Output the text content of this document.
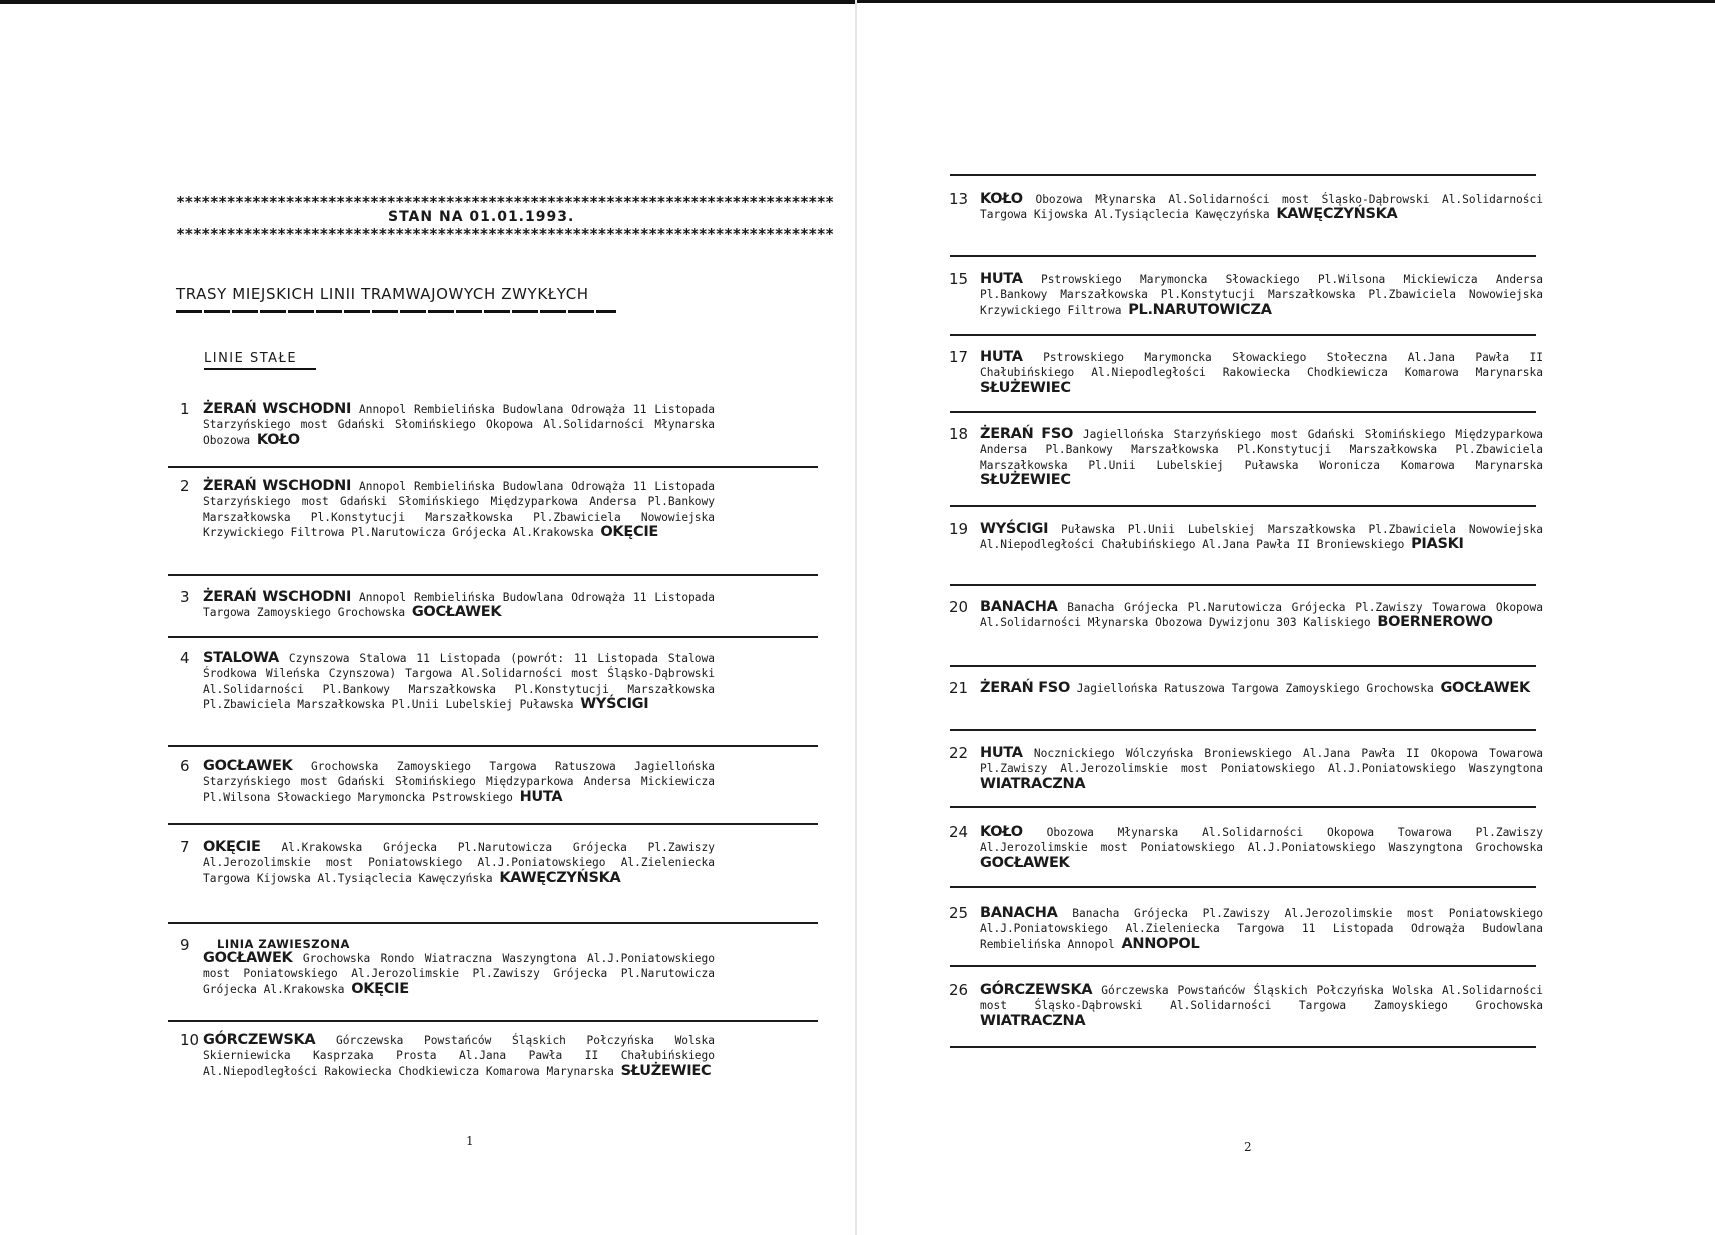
******************************************************************************
STAN NA 01.01.1993.
******************************************************************************
TRASY MIEJSKICH LINII TRAMWAJOWYCH ZWYKŁYCH
LINIE STAŁE
1 ŻERAŃ WSCHODNI Annopol Rembielińska Budowlana Odrowąża 11 Listopada Starzyńskiego most Gdański Słomińskiego Okopowa Al.Solidarności Młynarska Obozowa KOŁO
2 ŻERAŃ WSCHODNI Annopol Rembielińska Budowlana Odrowąża 11 Listopada Starzyńskiego most Gdański Słomińskiego Międzyparkowa Andersa Pl.Bankowy Marszałkowska Pl.Konstytucji Marszałkowska Pl.Zbawiciela Nowowiejska Krzywickiego Filtrowa Pl.Narutowicza Grójecka Al.Krakowska OKĘCIE
3 ŻERAŃ WSCHODNI Annopol Rembielińska Budowlana Odrowąża 11 Listopada Targowa Zamoyskiego Grochowska GOCŁAWEK
4 STALOWA Czynszowa Stalowa 11 Listopada (powrót: 11 Listopada Stalowa Środkowa Wileńska Czynszowa) Targowa Al.Solidarności most Śląsko-Dąbrowski Al.Solidarności Pl.Bankowy Marszałkowska Pl.Konstytucji Marszałkowska Pl.Zbawiciela Marszałkowska Pl.Unii Lubelskiej Puławska WYŚCIGI
6 GOCŁAWEK Grochowska Zamoyskiego Targowa Ratuszowa Jagiellońska Starzyńskiego most Gdański Słomińskiego Międzyparkowa Andersa Mickiewicza Pl.Wilsona Słowackiego Marymoncka Pstrowskiego HUTA
7 OKĘCIE Al.Krakowska Grójecka Pl.Narutowicza Grójecka Pl.Zawiszy Al.Jerozolimskie most Poniatowskiego Al.J.Poniatowskiego Al.Zieleniecka Targowa Kijowska Al.Tysiąclecia Kawęczyńska KAWĘCZYŃSKA
9 LINIA ZAWIESZONA
GOCŁAWEK Grochowska Rondo Wiatraczna Waszyngtona Al.J.Poniatowskiego most Poniatowskiego Al.Jerozolimskie Pl.Zawiszy Grójecka Pl.Narutowicza Grójecka Al.Krakowska OKĘCIE
10 GÓRCZEWSKA Górczewska Powstańców Śląskich Połczyńska Wolska Skierniewicka Kasprzaka Prosta Al.Jana Pawła II Chałubińskiego Al.Niepodległości Rakowiecka Chodkiewicza Komarowa Marynarska SŁUŻEWIEC
1
13 KOŁO Obozowa Młynarska Al.Solidarności most Śląsko-Dąbrowski Al.Solidarności Targowa Kijowska Al.Tysiąclecia Kawęczyńska KAWĘCZYŃSKA
15 HUTA Pstrowskiego Marymoncka Słowackiego Pl.Wilsona Mickiewicza Andersa Pl.Bankowy Marszałkowska Pl.Konstytucji Marszałkowska Pl.Zbawiciela Nowowiejska Krzywickiego Filtrowa PL.NARUTOWICZA
17 HUTA Pstrowskiego Marymoncka Słowackiego Stołeczna Al.Jana Pawła II Chałubińskiego Al.Niepodległości Rakowiecka Chodkiewicza Komarowa Marynarska SŁUŻEWIEC
18 ŻERAŃ FSO Jagiellońska Starzyńskiego most Gdański Słomińskiego Międzyparkowa Andersa Pl.Bankowy Marszałkowska Pl.Konstytucji Marszałkowska Pl.Zbawiciela Marszałkowska Pl.Unii Lubelskiej Puławska Woronicza Komarowa Marynarska SŁUŻEWIEC
19 WYŚCIGI Puławska Pl.Unii Lubelskiej Marszałkowska Pl.Zbawiciela Nowowiejska Al.Niepodległości Chałubińskiego Al.Jana Pawła II Broniewskiego PIASKI
20 BANACHA Banacha Grójecka Pl.Narutowicza Grójecka Pl.Zawiszy Towarowa Okopowa Al.Solidarności Młynarska Obozowa Dywizjonu 303 Kaliskiego BOERNEROWO
21 ŻERAŃ FSO Jagiellońska Ratuszowa Targowa Zamoyskiego Grochowska GOCŁAWEK
22 HUTA Nocznickiego Wólczyńska Broniewskiego Al.Jana Pawła II Okopowa Towarowa Pl.Zawiszy Al.Jerozolimskie most Poniatowskiego Al.J.Poniatowskiego Waszyngtona WIATRACZNA
24 KOŁO Obozowa Młynarska Al.Solidarności Okopowa Towarowa Pl.Zawiszy Al.Jerozolimskie most Poniatowskiego Al.J.Poniatowskiego Waszyngtona Grochowska GOCŁAWEK
25 BANACHA Banacha Grójecka Pl.Zawiszy Al.Jerozolimskie most Poniatowskiego Al.J.Poniatowskiego Al.Zieleniecka Targowa 11 Listopada Odrowąża Budowlana Rembielińska Annopol ANNOPOL
26 GÓRCZEWSKA Górczewska Powstańców Śląskich Połczyńska Wolska Al.Solidarności most Śląsko-Dąbrowski Al.Solidarności Targowa Zamoyskiego Grochowska WIATRACZNA
2
